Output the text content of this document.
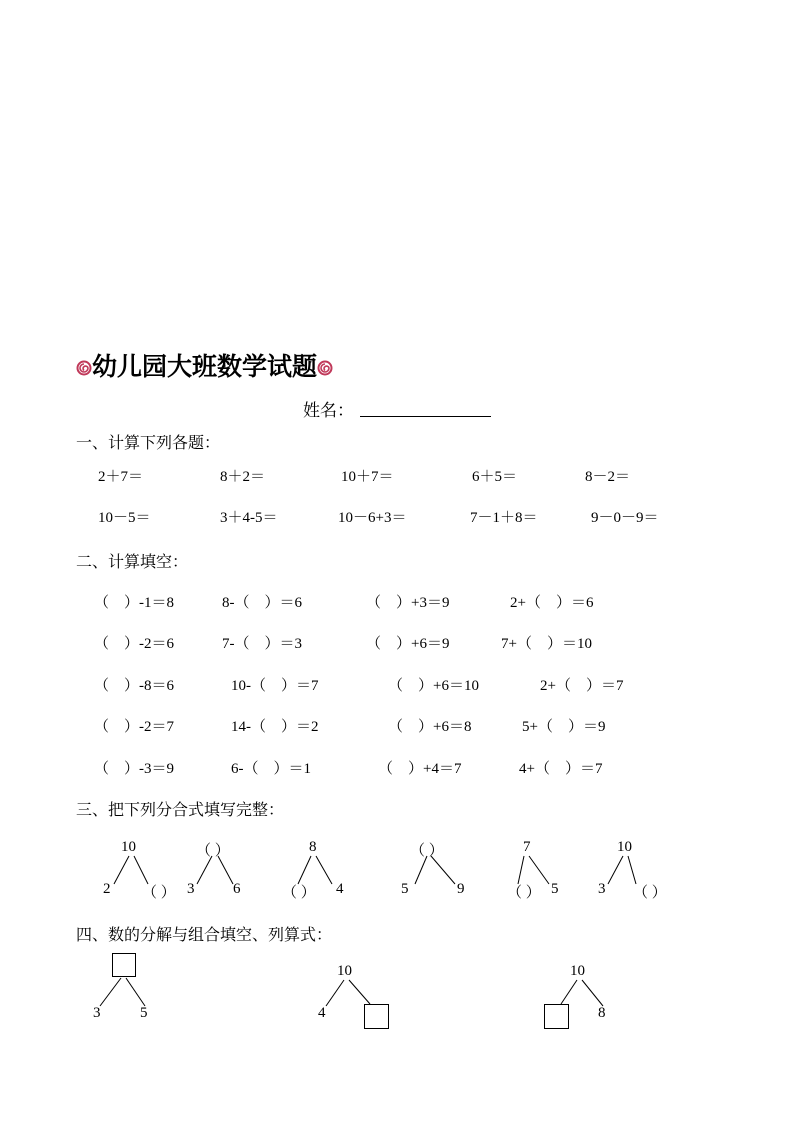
幼儿园大班数学试题
姓名：
一、计算下列各题：
2＋7＝	8＋2＝	10＋7＝	6＋5＝	8－2＝
10－5＝	3＋4-5＝	10－6+3＝	7－1＋8＝	9－0－9＝
二、计算填空：
（　）-1＝8	8-（　）＝6	（　）+3＝9	2+（　）＝6
（　）-2＝6	7-（　）＝3	（　）+6＝9	7+（　）＝10
（　）-8＝6	10-（　）＝7	（　）+6＝10	2+（　）＝7
（　）-2＝7	14-（　）＝2	（　）+6＝8	5+（　）＝9
（　）-3＝9	6-（　）＝1	（　）+4＝7	4+（　）＝7
三、把下列分合式填写完整：
10
2 （ ）
（ ）
3	6
8
（ ） 4
（ ）
5	9
7
（ ） 5
10
3 （ ）
四、数的分解与组合填空、列算式：
3	5
10
4
10
8
